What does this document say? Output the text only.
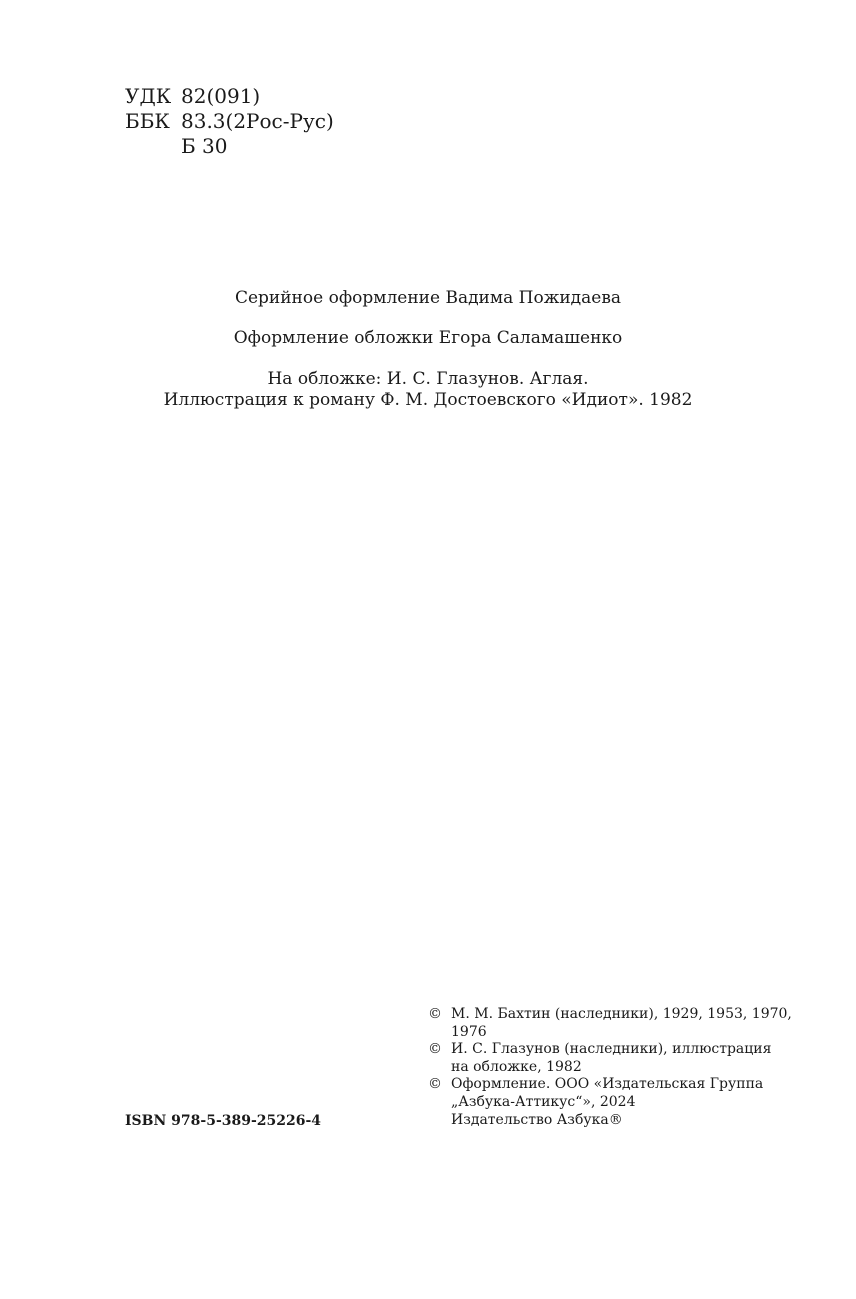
УДК 82(091)
ББК 83.3(2Рос-Рус)
Б 30
Серийное оформление Вадима Пожидаева
Оформление обложки Егора Саламашенко
На обложке: И. С. Глазунов. Аглая.
Иллюстрация к роману Ф. М. Достоевского «Идиот». 1982
© М. М. Бахтин (наследники), 1929, 1953, 1970,
1976
© И. С. Глазунов (наследники), иллюстрация
на обложке, 1982
© Оформление. ООО «Издательская Группа
„Азбука-Аттикус“», 2024
Издательство Азбука®
ISBN 978-5-389-25226-4
